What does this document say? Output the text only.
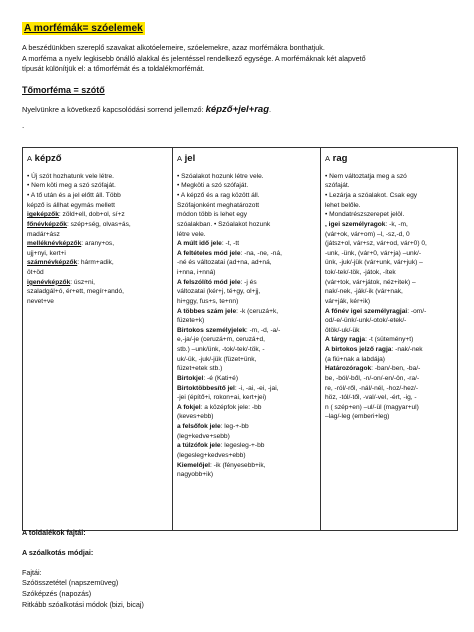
A morfémák= szóelemek

A beszédünkben szereplő szavakat alkotóelemeire, szóelemekre, azaz morfémákra bonthatjuk.

A morféma a nyelv legkisebb önálló alakkal és jelentéssel rendelkező egysége. A morfémáknak két alapvető

típusát különítjük el: a tőmorfémát és a toldalékmorfémát.

Tőmorféma = szótő
Nyelvünkre a következő kapcsolódási sorrend jellemző: képző+jel+rag.
.
A képző
• Új szót hozhatunk vele létre.
• Nem köti meg a szó szófaját.
• A tő után és a jel előtt áll. Több
képző is állhat egymás mellett
igeképzők: zöld+ell, dob+ol, sí+z
főnévképzők: szép+ség, olvas+ás,
madár+ász
melléknévképzők: arany+os,
ujj+nyi, kert+i
számnévképzők: hárm+adik,
öt+öd
igenévképzők: úsz+ni,
szaladgál+ó, ér+ett, megír+andó,
nevet+ve

A jel
• Szóalakot hozunk létre vele.
• Megköti a szó szófaját.
• A képző és a rag között áll.
Szófajonként meghatározott
módon több is lehet egy
szóalakban. • Szóalakot hozunk
létre vele.
A múlt idő jele: -t, -tt
A feltételes mód jele: -na, -ne, -ná,
-né és változatai (ad+na, ad+ná,
i+nna, i+nná)
A felszólító mód jele: -j és
változatai (kér+j, té+gy, ol+jj,
hi+ggy, fus+s, te+nn)
A többes szám jele: -k (ceruzá+k,
füzete+k)
Birtokos személyjelek: -m, -d, -a/-
e,-ja/-je (ceruzá+m, ceruzá+d,
stb.) –unk/ünk, -tok/-tek/-tök, -
uk/-ük, -juk/-jük (füzet+ünk,
füzet+etek stb.)
Birtokjel: -é (Kati+é)
Birtoktöbbesítő jel: -i, -ai, -ei, -jai,
-jei (építő+i, rokon+ai, kert+jei)
A fokjel: a középfok jele: -bb
(keves+ebb)
a felsőfok jele: leg-+-bb
(leg+kedve+sebb)
a túlzófok jele: legesleg-+-bb
(legesleg+kedves+ebb)
Kiemelőjel: -ik (fényesebb+ik,
nagyobb+ik)

A rag
• Nem változtatja meg a szó
szófaját.
• Lezárja a szóalakot. Csak egy
lehet belőle.
• Mondatrészszerepet jelöl.
, igei személyragok: -k, -m,
(vár+ok, vár+om) –l, -sz,-d, 0
(játsz+ol, vár+sz, vár+od, vár+0) 0,
-unk, -ünk, (vár+0, vár+ja) –unk/-
ünk, -juk/-jük (vár+unk, vár+juk) –
tok/-tek/-tök, -játok, -ítek
(vár+tok, vár+játok, néz+itek) –
nak/-nek, -ják/-ik (vár+nak,
vár+ják, kér+ik)
A főnév igei személyragjai: -om/-
od/-e/-ünk/-unk/-otok/-etek/-
ötök/-uk/-ük
A tárgy ragja: -t (sütemény+t)
A birtokos jelző ragja: -nak/-nek
(a fiú+nak a labdája)
Határozóragok: -ban/-ben, -ba/-
be, -ból/-ből, -n/-on/-en/-ön, -ra/-
re, -ról/-ről, -nál/-nél, -hoz/-hez/-
höz, -tól/-től, -val/-vel, -ért, -ig, -
n ( szép+en) –ul/-ül (magyar+ul)
–lag/-leg (emberi+leg)
A toldalékok fajtái:
A szóalkotás módjai:
Fajtái:
Szóösszetétel (napszemüveg)
Szóképzés (napozás)
Ritkább szóalkotási módok (bizi, bicaj)
